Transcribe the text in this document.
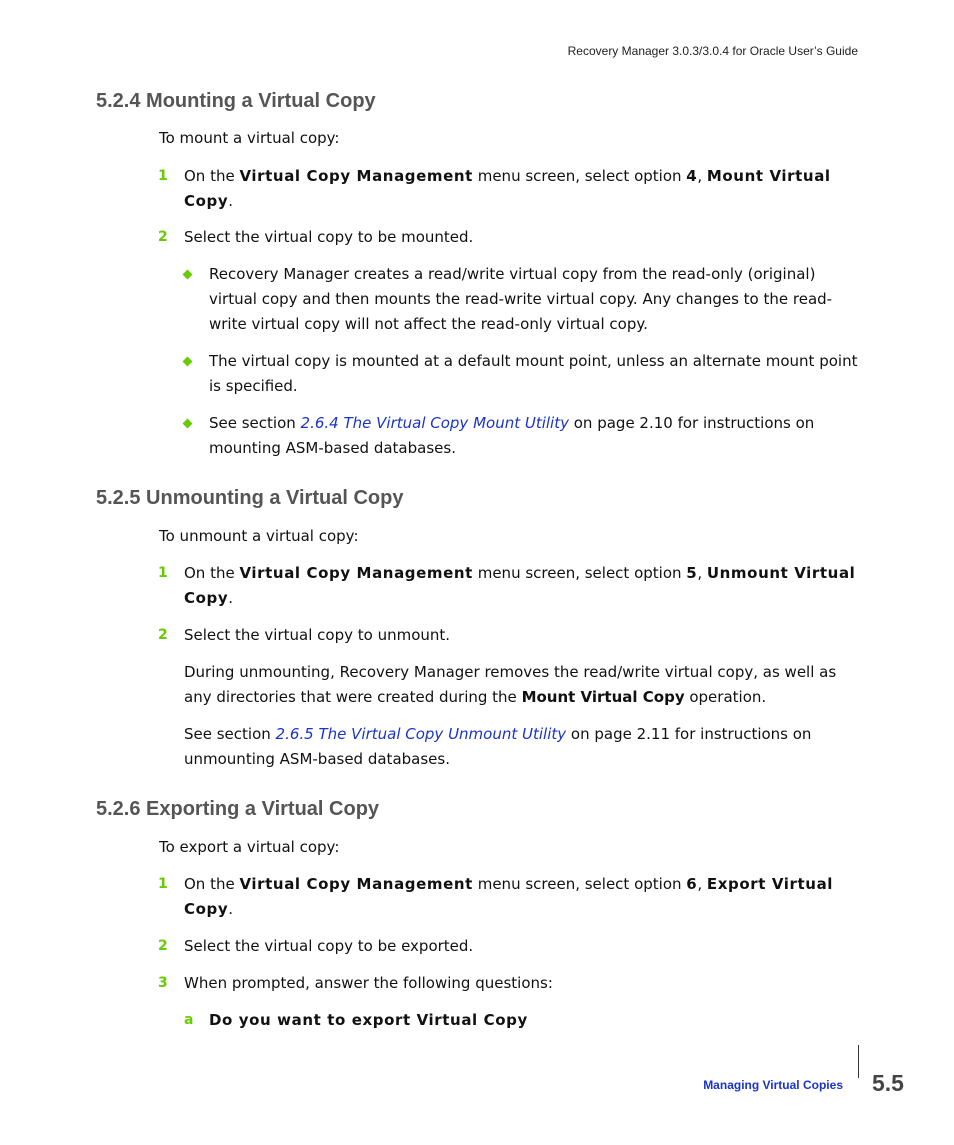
Recovery Manager 3.0.3/3.0.4 for Oracle User’s Guide
5.2.4 Mounting a Virtual Copy
To mount a virtual copy:
1 On the Virtual Copy Management menu screen, select option 4, Mount Virtual Copy.
2 Select the virtual copy to be mounted.
Recovery Manager creates a read/write virtual copy from the read-only (original) virtual copy and then mounts the read-write virtual copy. Any changes to the read-write virtual copy will not affect the read-only virtual copy.
The virtual copy is mounted at a default mount point, unless an alternate mount point is specified.
See section 2.6.4 The Virtual Copy Mount Utility on page 2.10 for instructions on mounting ASM-based databases.
5.2.5 Unmounting a Virtual Copy
To unmount a virtual copy:
1 On the Virtual Copy Management menu screen, select option 5, Unmount Virtual Copy.
2 Select the virtual copy to unmount.
During unmounting, Recovery Manager removes the read/write virtual copy, as well as any directories that were created during the Mount Virtual Copy operation.
See section 2.6.5 The Virtual Copy Unmount Utility on page 2.11 for instructions on unmounting ASM-based databases.
5.2.6 Exporting a Virtual Copy
To export a virtual copy:
1 On the Virtual Copy Management menu screen, select option 6, Export Virtual Copy.
2 Select the virtual copy to be exported.
3 When prompted, answer the following questions:
a Do you want to export Virtual Copy
Managing Virtual Copies 5.5
